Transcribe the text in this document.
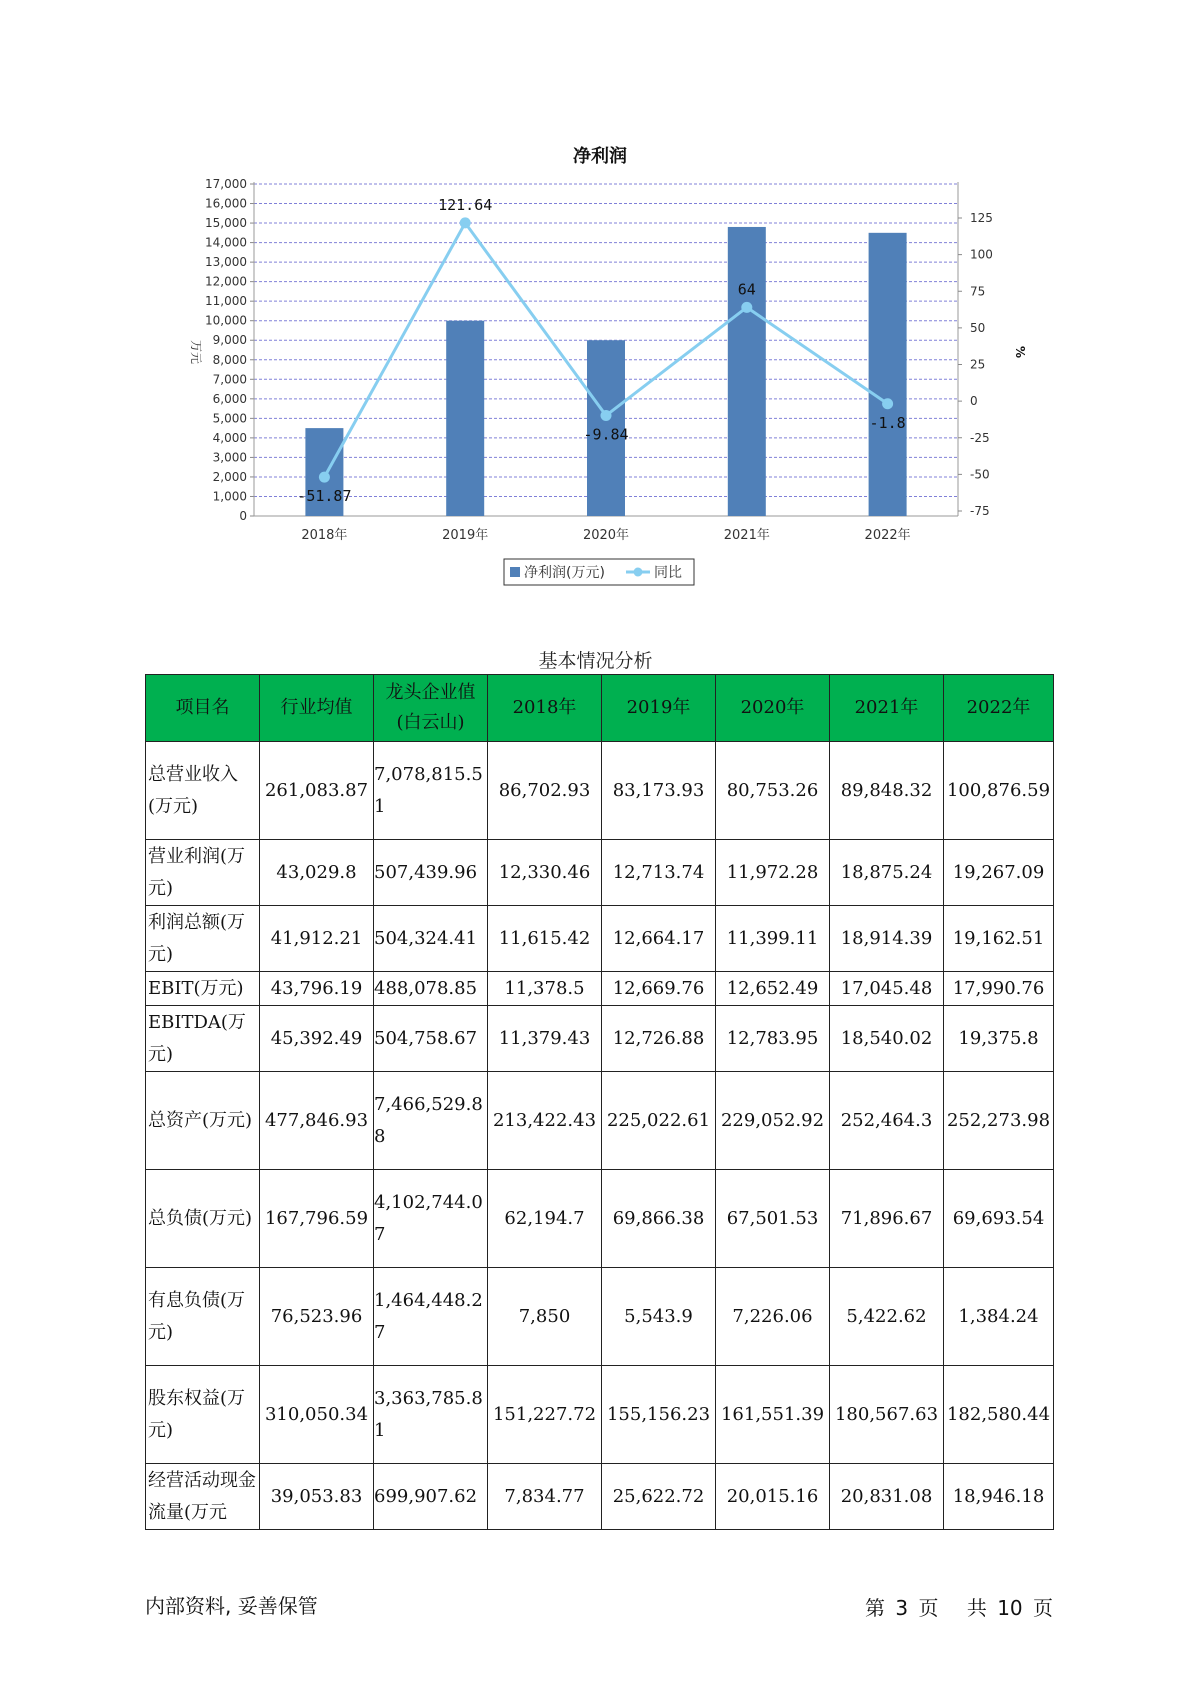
净利润
0
1,000
2,000
3,000
4,000
5,000
6,000
7,000
8,000
9,000
10,000
11,000
12,000
13,000
14,000
15,000
16,000
17,000
-75
-50
-25
0
25
50
75
100
125
万元	%
2018年	2019年	2020年	2021年	2022年
-51.87
121.64
-9.84
64
-1.8
净利润(万元)	同比
基本情况分析
项目名	行业均值	龙头企业值(白云山)	2018年	2019年	2020年	2021年	2022年
总营业收入(万元)	261,083.87	7,078,815.51	86,702.93	83,173.93	80,753.26	89,848.32	100,876.59
营业利润(万元)	43,029.8	507,439.96	12,330.46	12,713.74	11,972.28	18,875.24	19,267.09
利润总额(万元)	41,912.21	504,324.41	11,615.42	12,664.17	11,399.11	18,914.39	19,162.51
EBIT(万元)	43,796.19	488,078.85	11,378.5	12,669.76	12,652.49	17,045.48	17,990.76
EBITDA(万元)	45,392.49	504,758.67	11,379.43	12,726.88	12,783.95	18,540.02	19,375.8
总资产(万元)	477,846.93	7,466,529.88	213,422.43	225,022.61	229,052.92	252,464.3	252,273.98
总负债(万元)	167,796.59	4,102,744.07	62,194.7	69,866.38	67,501.53	71,896.67	69,693.54
有息负债(万元)	76,523.96	1,464,448.27	7,850	5,543.9	7,226.06	5,422.62	1,384.24
股东权益(万元)	310,050.34	3,363,785.81	151,227.72	155,156.23	161,551.39	180,567.63	182,580.44
经营活动现金流量(万元	39,053.83	699,907.62	7,834.77	25,622.72	20,015.16	20,831.08	18,946.18
内部资料, 妥善保管	第 3 页 共 10 页
